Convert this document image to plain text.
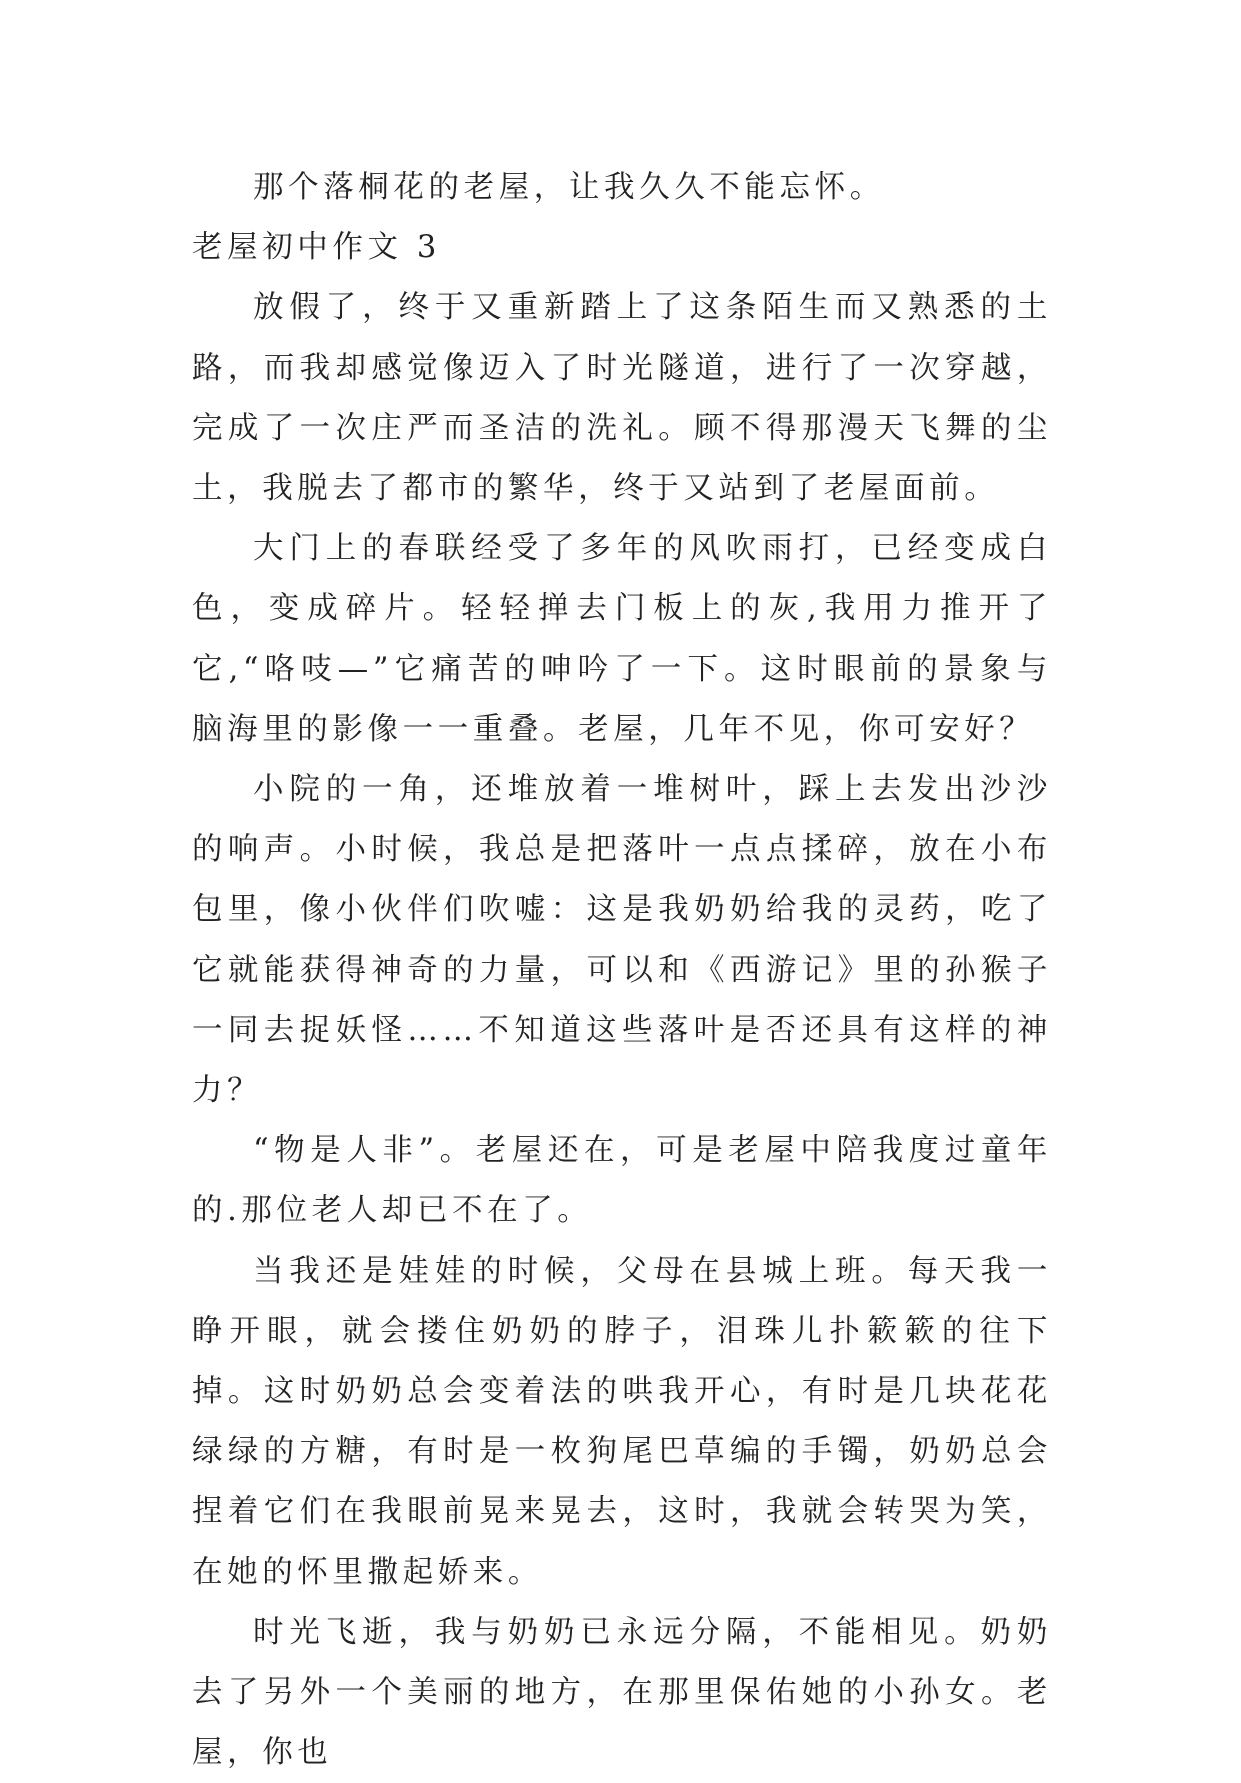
那个落桐花的老屋，让我久久不能忘怀。

老屋初中作文 3

放假了，终于又重新踏上了这条陌生而又熟悉的土路，而我却感觉像迈入了时光隧道，进行了一次穿越，完成了一次庄严而圣洁的洗礼。顾不得那漫天飞舞的尘土，我脱去了都市的繁华，终于又站到了老屋面前。

大门上的春联经受了多年的风吹雨打，已经变成白色，变成碎片。轻轻掸去门板上的灰,我用力推开了它,“咯吱—”它痛苦的呻吟了一下。这时眼前的景象与脑海里的影像一一重叠。老屋，几年不见，你可安好？

小院的一角，还堆放着一堆树叶，踩上去发出沙沙的响声。小时候，我总是把落叶一点点揉碎，放在小布包里，像小伙伴们吹嘘：这是我奶奶给我的灵药，吃了它就能获得神奇的力量，可以和《西游记》里的孙猴子一同去捉妖怪……不知道这些落叶是否还具有这样的神力？

“物是人非”。老屋还在，可是老屋中陪我度过童年的.那位老人却已不在了。

当我还是娃娃的时候，父母在县城上班。每天我一睁开眼，就会搂住奶奶的脖子，泪珠儿扑簌簌的往下掉。这时奶奶总会变着法的哄我开心，有时是几块花花绿绿的方糖，有时是一枚狗尾巴草编的手镯，奶奶总会捏着它们在我眼前晃来晃去，这时，我就会转哭为笑，在她的怀里撒起娇来。

时光飞逝，我与奶奶已永远分隔，不能相见。奶奶去了另外一个美丽的地方，在那里保佑她的小孙女。老屋，你也
